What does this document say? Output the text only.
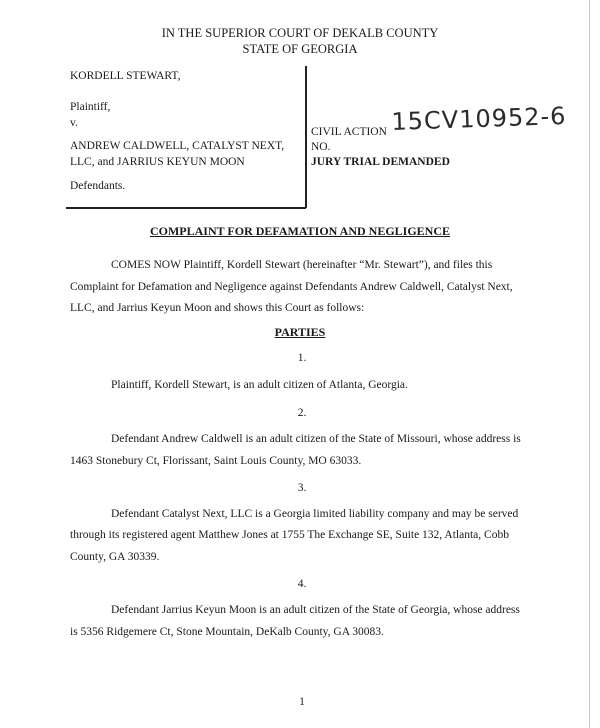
IN THE SUPERIOR COURT OF DEKALB COUNTY
STATE OF GEORGIA
KORDELL STEWART,
Plaintiff,
v.
ANDREW CALDWELL, CATALYST NEXT,
LLC, and JARRIUS KEYUN MOON
Defendants.
CIVIL ACTION 15CV10952-6
NO.
JURY TRIAL DEMANDED
COMPLAINT FOR DEFAMATION AND NEGLIGENCE
COMES NOW Plaintiff, Kordell Stewart (hereinafter “Mr. Stewart”), and files this
Complaint for Defamation and Negligence against Defendants Andrew Caldwell, Catalyst Next,
LLC, and Jarrius Keyun Moon and shows this Court as follows:
PARTIES
1.
Plaintiff, Kordell Stewart, is an adult citizen of Atlanta, Georgia.
2.
Defendant Andrew Caldwell is an adult citizen of the State of Missouri, whose address is
1463 Stonebury Ct, Florissant, Saint Louis County, MO 63033.
3.
Defendant Catalyst Next, LLC is a Georgia limited liability company and may be served
through its registered agent Matthew Jones at 1755 The Exchange SE, Suite 132, Atlanta, Cobb
County, GA 30339.
4.
Defendant Jarrius Keyun Moon is an adult citizen of the State of Georgia, whose address
is 5356 Ridgemere Ct, Stone Mountain, DeKalb County, GA 30083.
1
